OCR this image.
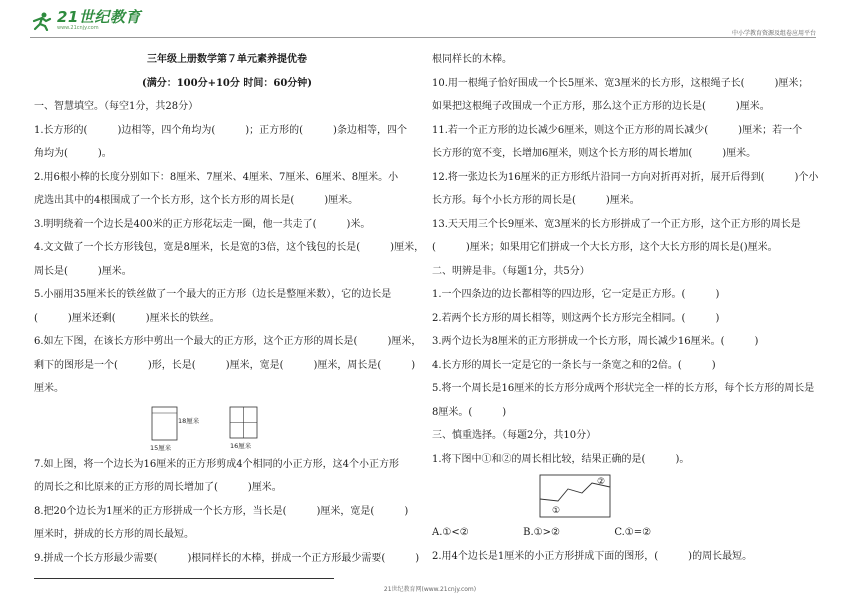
21世纪教育
www.21cnjy.com
中小学教育资源及组卷应用平台

三年级上册数学第７单元素养提优卷

(满分：100分+10分 时间：60分钟)

一、智慧填空。（每空1分，共28分）

1.长方形的(　　　)边相等，四个角均为(　　　)；正方形的(　　　)条边相等，四个

角均为(　　　)。

2.用6根小棒的长度分别如下：8厘米、7厘米、4厘米、7厘米、6厘米、8厘米。小

虎选出其中的4根围成了一个长方形，这个长方形的周长是(　　　)厘米。

3.明明绕着一个边长是400米的正方形花坛走一圈，他一共走了(　　　)米。

4.文文做了一个长方形钱包，宽是8厘米，长是宽的3倍，这个钱包的长是(　　　)厘米，

周长是(　　　)厘米。

5.小丽用35厘米长的铁丝做了一个最大的正方形（边长是整厘米数），它的边长是

(　　　)厘米还剩(　　　)厘米长的铁丝。

6.如左下图，在该长方形中剪出一个最大的正方形，这个正方形的周长是(　　　)厘米，

剩下的图形是一个(　　　)形，长是(　　　)厘米，宽是(　　　)厘米，周长是(　　　)

厘米。

18厘米
15厘米	16厘米

7.如上图，将一个边长为16厘米的正方形剪成4个相同的小正方形，这4个小正方形

的周长之和比原来的正方形的周长增加了(　　　)厘米。

8.把20个边长为1厘米的正方形拼成一个长方形，当长是(　　　)厘米，宽是(　　　)

厘米时，拼成的长方形的周长最短。

9.拼成一个长方形最少需要(　　　)根同样长的木棒，拼成一个正方形最少需要(　　　)

根同样长的木棒。

10.用一根绳子恰好围成一个长5厘米、宽3厘米的长方形，这根绳子长(　　　)厘米；

如果把这根绳子改围成一个正方形，那么这个正方形的边长是(　　　)厘米。

11.若一个正方形的边长减少6厘米，则这个正方形的周长减少(　　　)厘米；若一个

长方形的宽不变，长增加6厘米，则这个长方形的周长增加(　　　)厘米。

12.将一张边长为16厘米的正方形纸片沿同一方向对折再对折，展开后得到(　　　)个小

长方形。每个小长方形的周长是(　　　)厘米。

13.天天用三个长9厘米、宽3厘米的长方形拼成了一个正方形，这个正方形的周长是

(　　　)厘米；如果用它们拼成一个大长方形，这个大长方形的周长是()厘米。

二、明辨是非。（每题1分，共5分）

1.一个四条边的边长都相等的四边形，它一定是正方形。(　　　)

2.若两个长方形的周长相等，则这两个长方形完全相同。(　　　)

3.两个边长为8厘米的正方形拼成一个长方形，周长减少16厘米。(　　　)

4.长方形的周长一定是它的一条长与一条宽之和的2倍。(　　　)

5.将一个周长是16厘米的长方形分成两个形状完全一样的长方形，每个长方形的周长是

8厘米。(　　　)

三、慎重选择。（每题2分，共10分）

1.将下图中①和②的周长相比较，结果正确的是(　　　)。

①
②

A.①<②	B.①>②	C.①=②

2.用4个边长是1厘米的小正方形拼成下面的图形，(　　　)的周长最短。

21世纪教育网(www.21cnjy.com)
